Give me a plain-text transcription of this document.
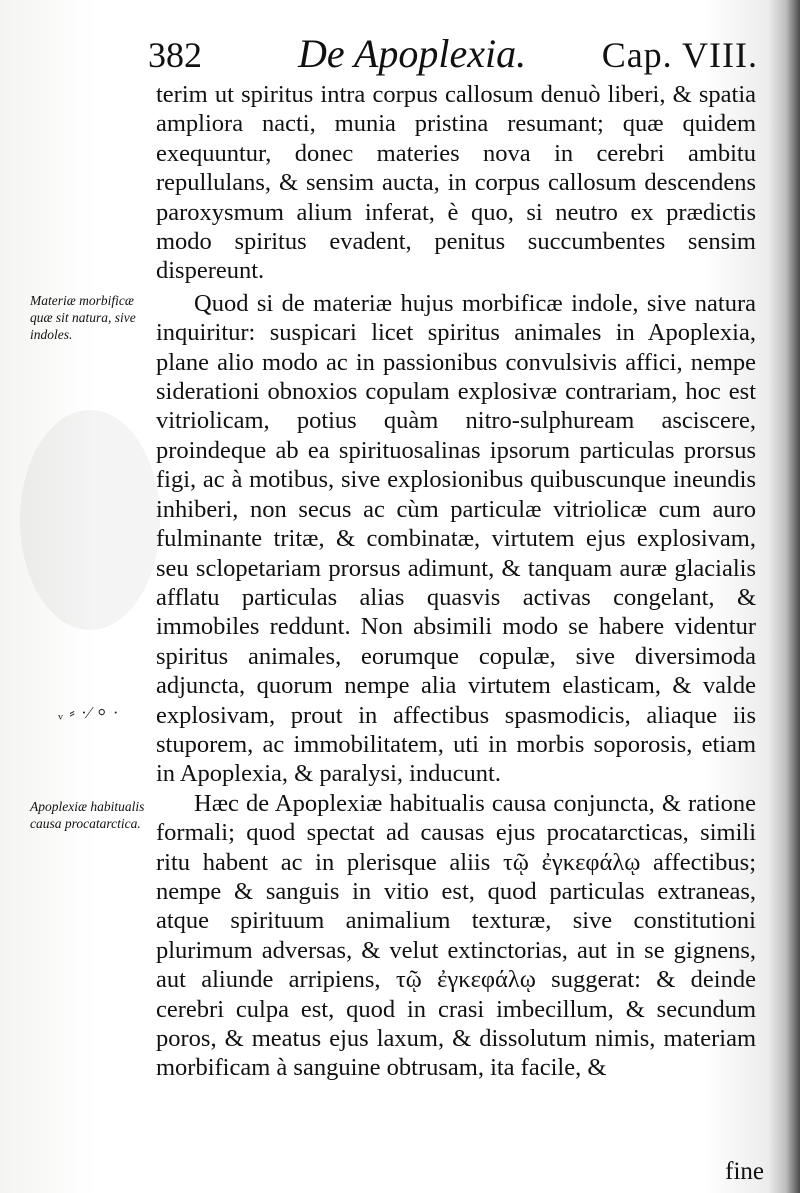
382 De Apoplexia. Cap. VIII.
Materiæ morbificæ quæ sit natura, sive indoles.
ᵥ ⸗ ·⁄ ⸰ ·
Apoplexiæ habitualis causa procatarctica.

terim ut spiritus intra corpus callosum denuò liberi, & spatia ampliora nacti, munia pristina resumant; quæ quidem exequuntur, donec materies nova in cerebri ambitu repullulans, & sensim aucta, in corpus callosum descendens paroxysmum alium inferat, è quo, si neutro ex prædictis modo spiritus evadent, penitus succumbentes sensim dispereunt.

Quod si de materiæ hujus morbificæ indole, sive natura inquiritur: suspicari licet spiritus animales in Apoplexia, plane alio modo ac in passionibus convulsivis affici, nempe siderationi obnoxios copulam explosivæ contrariam, hoc est vitriolicam, potius quàm nitro-sulphuream asciscere, proindeque ab ea spirituosalinas ipsorum particulas prorsus figi, ac à motibus, sive explosionibus quibuscunque ineundis inhiberi, non secus ac cùm particulæ vitriolicæ cum auro fulminante tritæ, & combinatæ, virtutem ejus explosivam, seu sclopetariam prorsus adimunt, & tanquam auræ glacialis afflatu particulas alias quasvis activas congelant, & immobiles reddunt. Non absimili modo se habere videntur spiritus animales, eorumque copulæ, sive diversimoda adjuncta, quorum nempe alia virtutem elasticam, & valde explosivam, prout in affectibus spasmodicis, aliaque iis stuporem, ac immobilitatem, uti in morbis soporosis, etiam in Apoplexia, & paralysi, inducunt.

Hæc de Apoplexiæ habitualis causa conjuncta, & ratione formali; quod spectat ad causas ejus procatarcticas, simili ritu habent ac in plerisque aliis τῷ ἐγκεφάλῳ affectibus; nempe & sanguis in vitio est, quod particulas extraneas, atque spirituum animalium texturæ, sive constitutioni plurimum adversas, & velut extinctorias, aut in se gignens, aut aliunde arripiens, τῷ ἐγκεφάλῳ suggerat: & deinde cerebri culpa est, quod in crasi imbecillum, & secundum poros, & meatus ejus laxum, & dissolutum nimis, materiam morbificam à sanguine obtrusam, ita facile, &

fine
